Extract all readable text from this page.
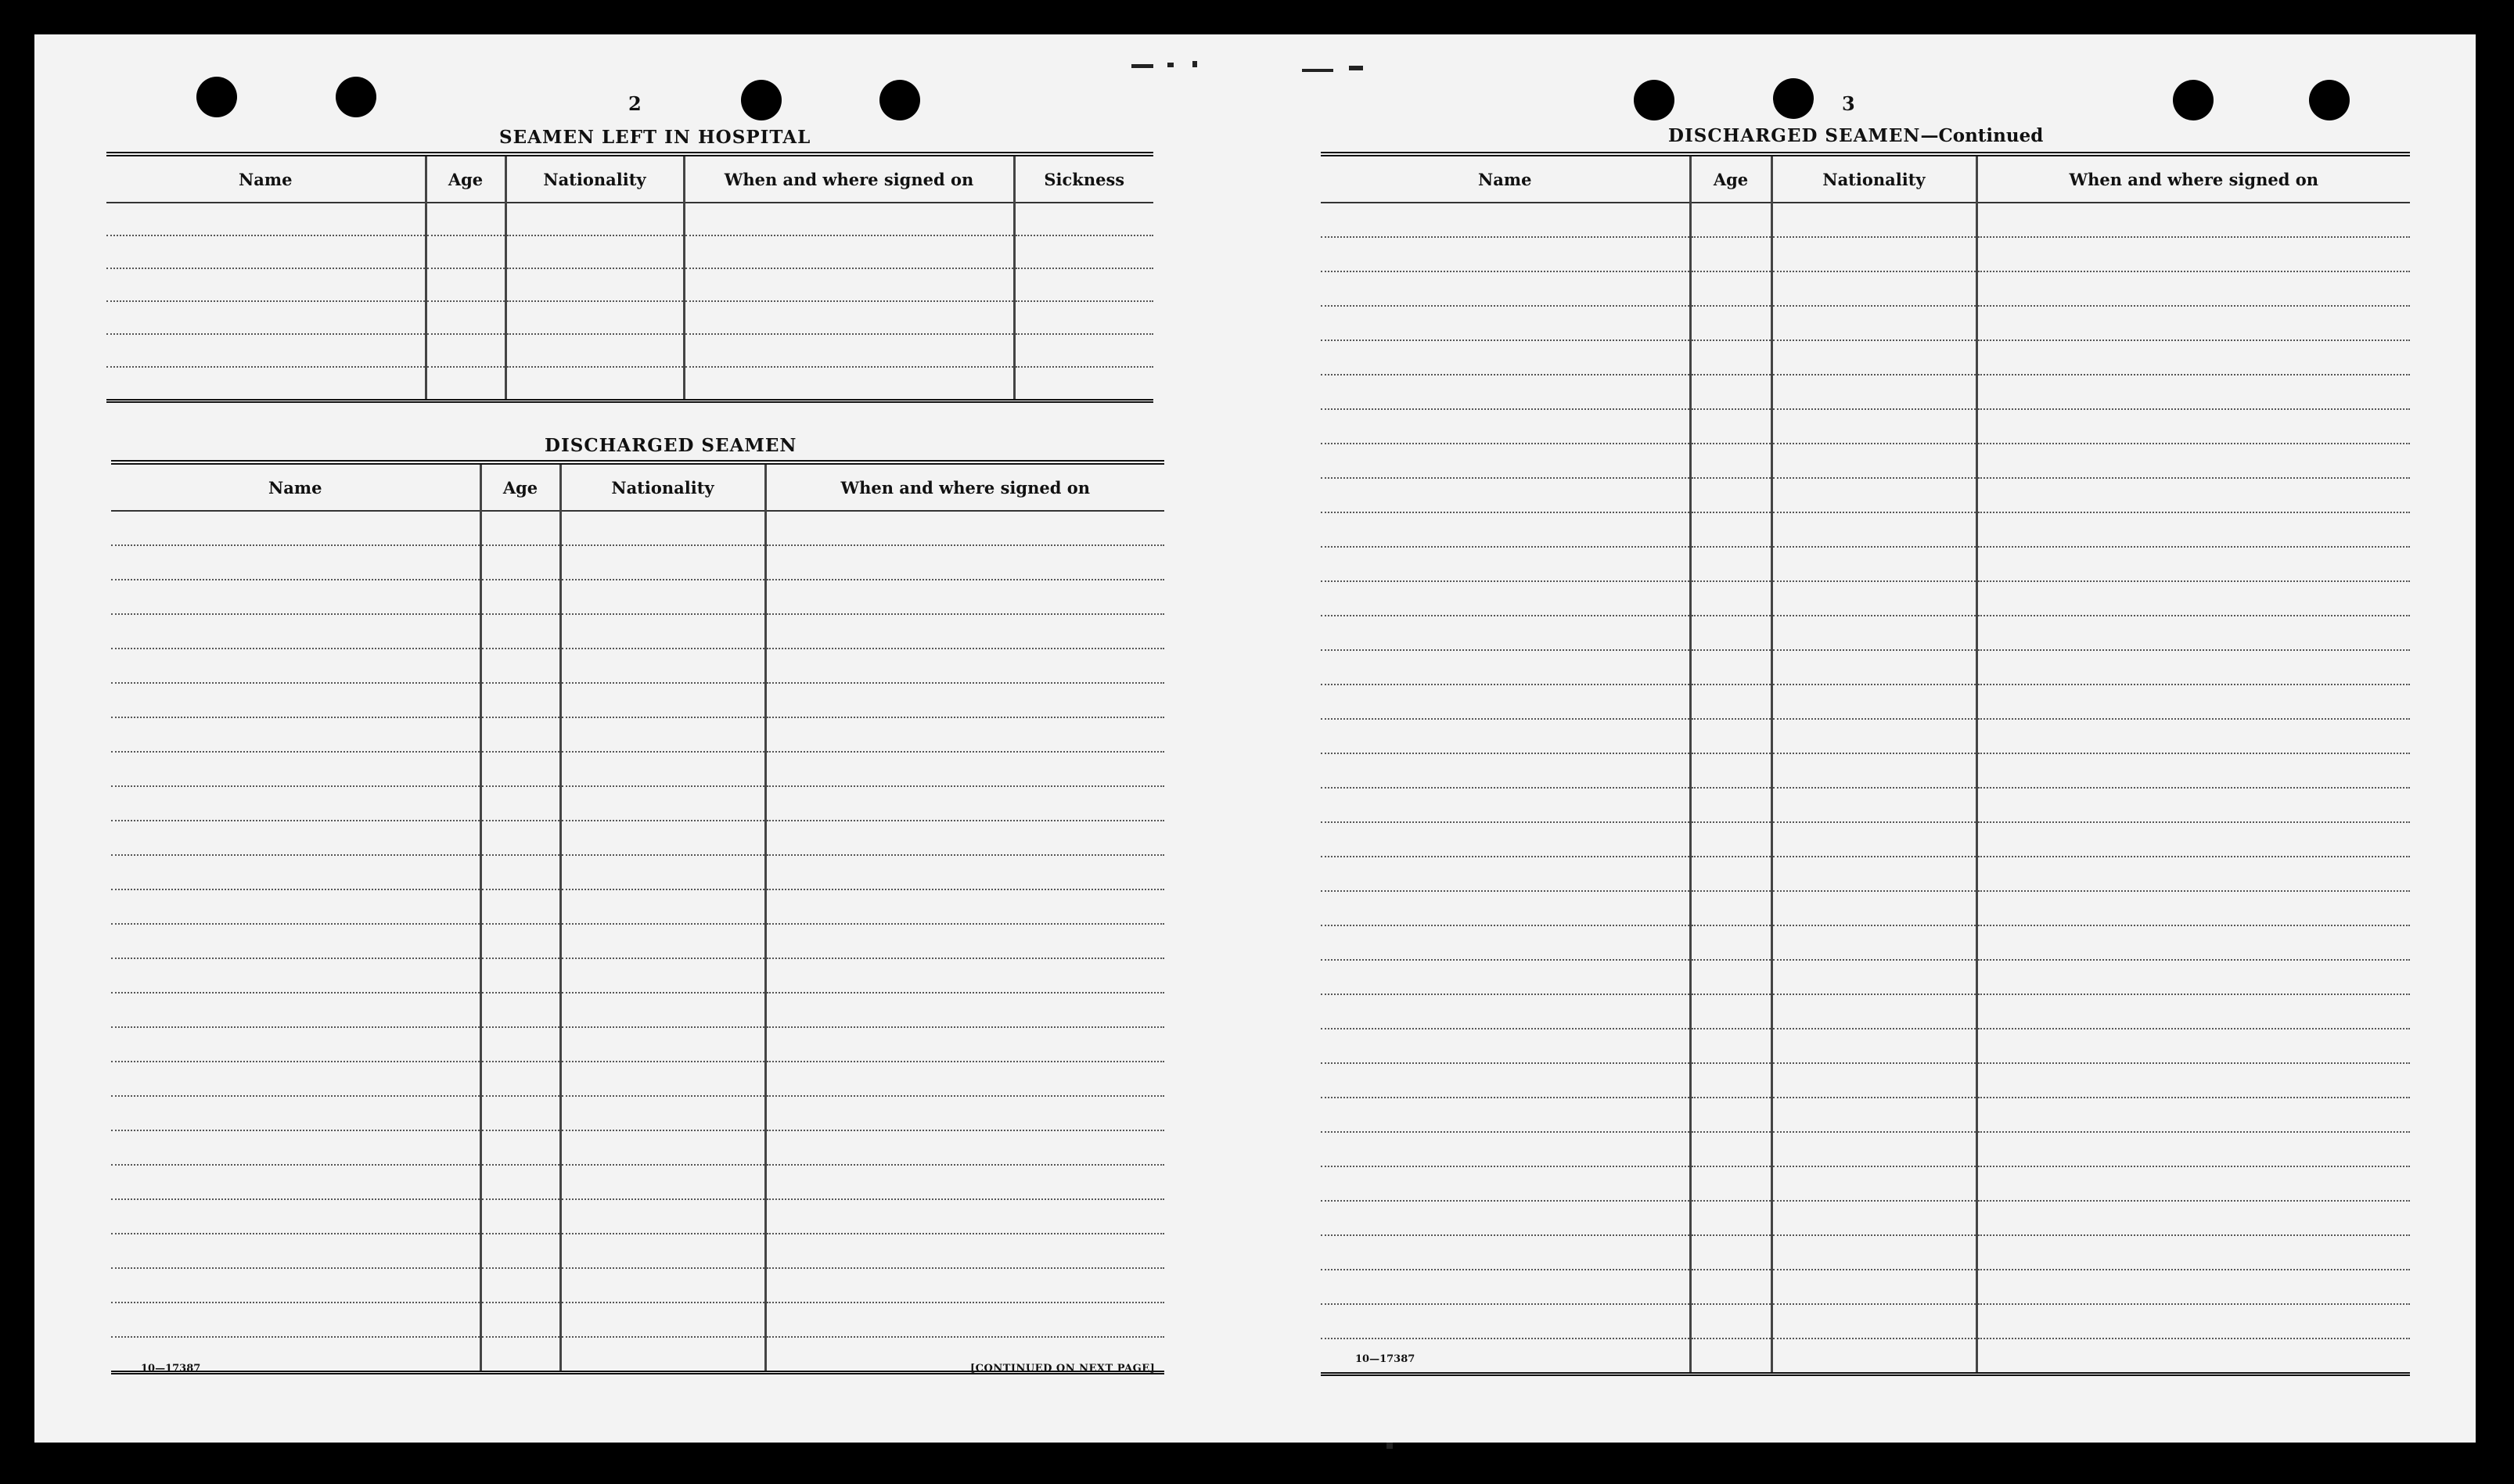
2
SEAMEN LEFT IN HOSPITAL
Name	Age	Nationality	When and where signed on	Sickness

DISCHARGED SEAMEN
Name	Age	Nationality	When and where signed on

10—17387	[CONTINUED ON NEXT PAGE]
3
DISCHARGED SEAMEN—Continued
Name	Age	Nationality	When and where signed on

10—17387
